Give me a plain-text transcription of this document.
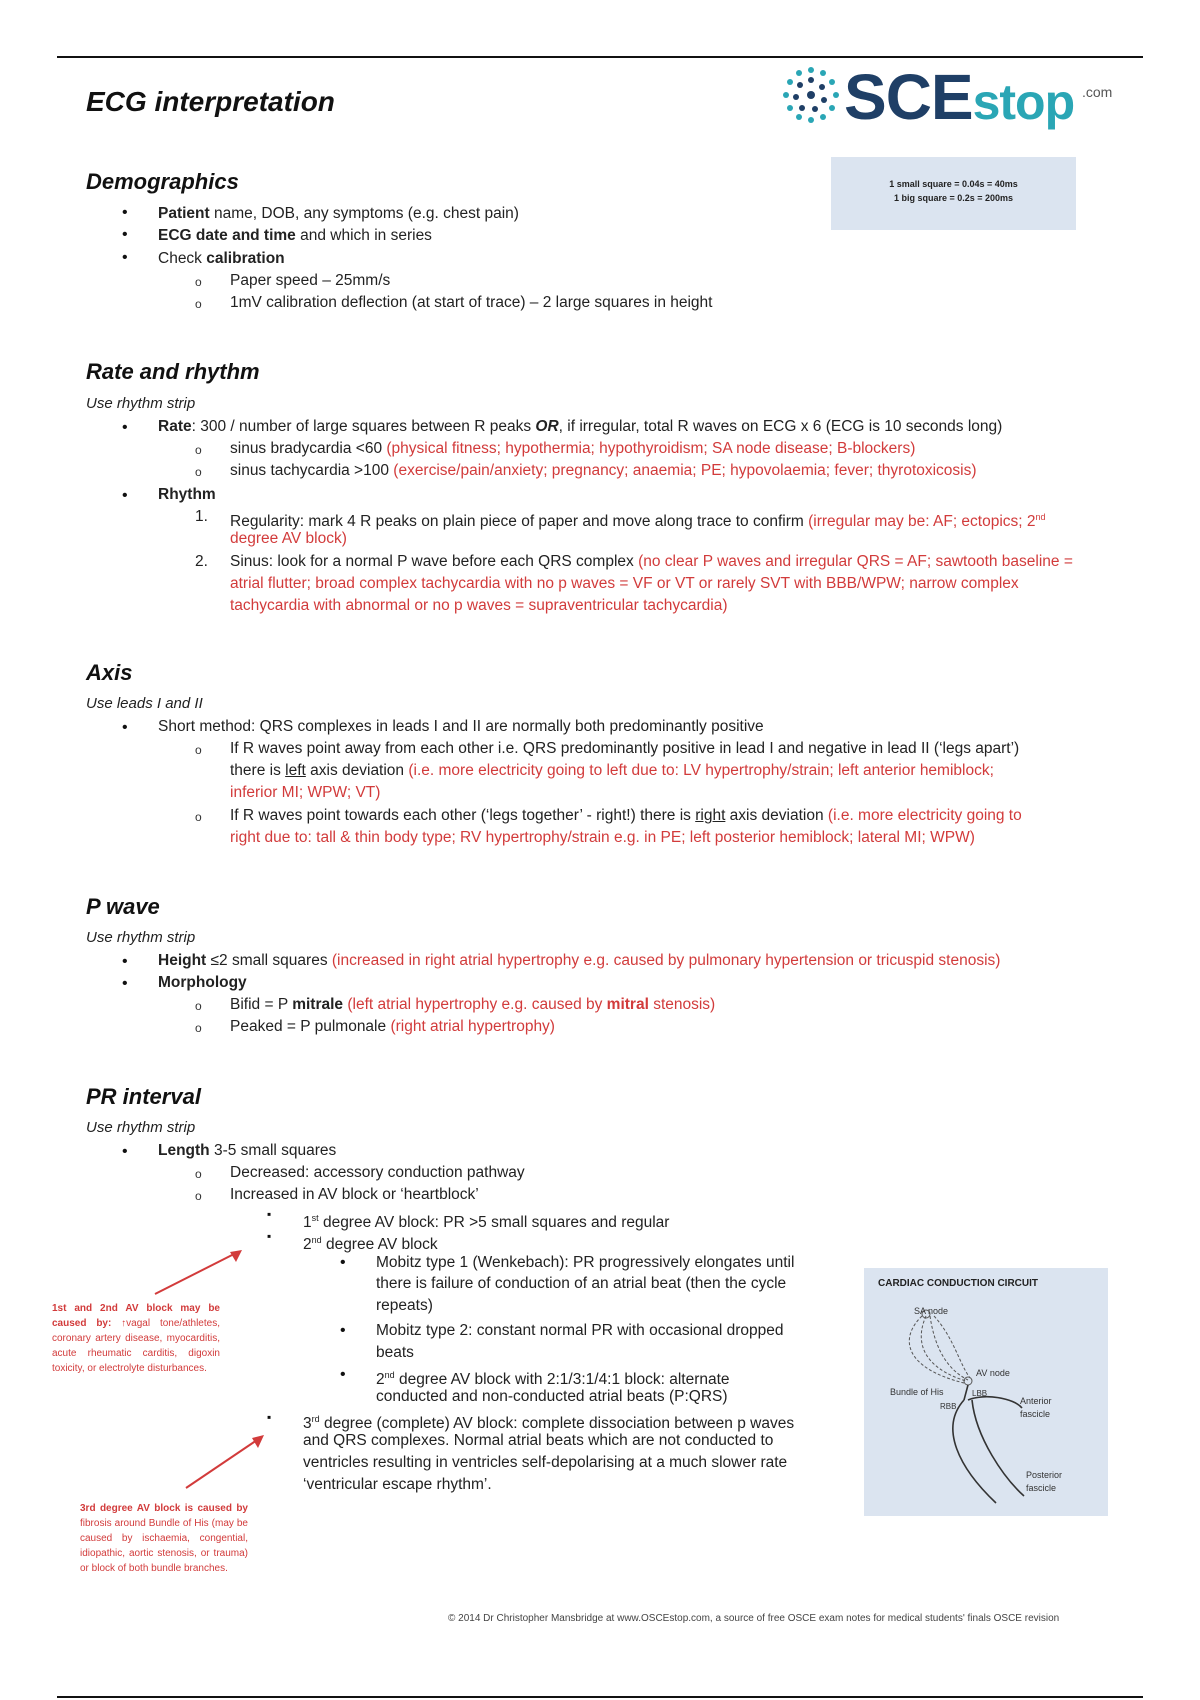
ECG interpretation	SCEstop .com
1 small square = 0.04s = 40ms
1 big square = 0.2s = 200ms
Demographics
• Patient name, DOB, any symptoms (e.g. chest pain)
• ECG date and time and which in series
• Check calibration
o Paper speed – 25mm/s
o 1mV calibration deflection (at start of trace) – 2 large squares in height
Rate and rhythm
Use rhythm strip
• Rate: 300 / number of large squares between R peaks OR, if irregular, total R waves on ECG x 6 (ECG is 10 seconds long)
o sinus bradycardia <60 (physical fitness; hypothermia; hypothyroidism; SA node disease; B-blockers)
o sinus tachycardia >100 (exercise/pain/anxiety; pregnancy; anaemia; PE; hypovolaemia; fever; thyrotoxicosis)
• Rhythm
1. Regularity: mark 4 R peaks on plain piece of paper and move along trace to confirm (irregular may be: AF; ectopics; 2nd
degree AV block)
2. Sinus: look for a normal P wave before each QRS complex (no clear P waves and irregular QRS = AF; sawtooth baseline =
atrial flutter; broad complex tachycardia with no p waves = VF or VT or rarely SVT with BBB/WPW; narrow complex
tachycardia with abnormal or no p waves = supraventricular tachycardia)
Axis
Use leads I and II
• Short method: QRS complexes in leads I and II are normally both predominantly positive
o If R waves point away from each other i.e. QRS predominantly positive in lead I and negative in lead II (‘legs apart’)
there is left axis deviation (i.e. more electricity going to left due to: LV hypertrophy/strain; left anterior hemiblock;
inferior MI; WPW; VT)
o If R waves point towards each other (‘legs together’ - right!) there is right axis deviation (i.e. more electricity going to
right due to: tall & thin body type; RV hypertrophy/strain e.g. in PE; left posterior hemiblock; lateral MI; WPW)
P wave
Use rhythm strip
• Height ≤2 small squares (increased in right atrial hypertrophy e.g. caused by pulmonary hypertension or tricuspid stenosis)
• Morphology
o Bifid = P mitrale (left atrial hypertrophy e.g. caused by mitral stenosis)
o Peaked = P pulmonale (right atrial hypertrophy)
PR interval
Use rhythm strip
• Length 3-5 small squares
o Decreased: accessory conduction pathway
o Increased in AV block or ‘heartblock’
▪
1st degree AV block: PR >5 small squares and regular
▪
2nd degree AV block
• Mobitz type 1 (Wenkebach): PR progressively elongates until
there is failure of conduction of an atrial beat (then the cycle
repeats)
• Mobitz type 2: constant normal PR with occasional dropped
beats
• 2nd degree AV block with 2:1/3:1/4:1 block: alternate
conducted and non-conducted atrial beats (P:QRS)
▪ 3rd degree (complete) AV block: complete dissociation between p waves
and QRS complexes. Normal atrial beats which are not conducted to
ventricles resulting in ventricles self-depolarising at a much slower rate
‘ventricular escape rhythm’.
1st and 2nd AV block may be caused by: ↑vagal tone/athletes, coronary artery disease, myocarditis, acute rheumatic carditis, digoxin toxicity, or electrolyte disturbances.
3rd degree AV block is caused by fibrosis around Bundle of His (may be caused by ischaemia, congential, idiopathic, aortic stenosis, or trauma) or block of both bundle branches.
CARDIAC CONDUCTION CIRCUIT
SA node
AV node
Bundle of His	LBB
RBB
Anterior
fascicle
Posterior
fascicle
© 2014 Dr Christopher Mansbridge at www.OSCEstop.com, a source of free OSCE exam notes for medical students' finals OSCE revision
